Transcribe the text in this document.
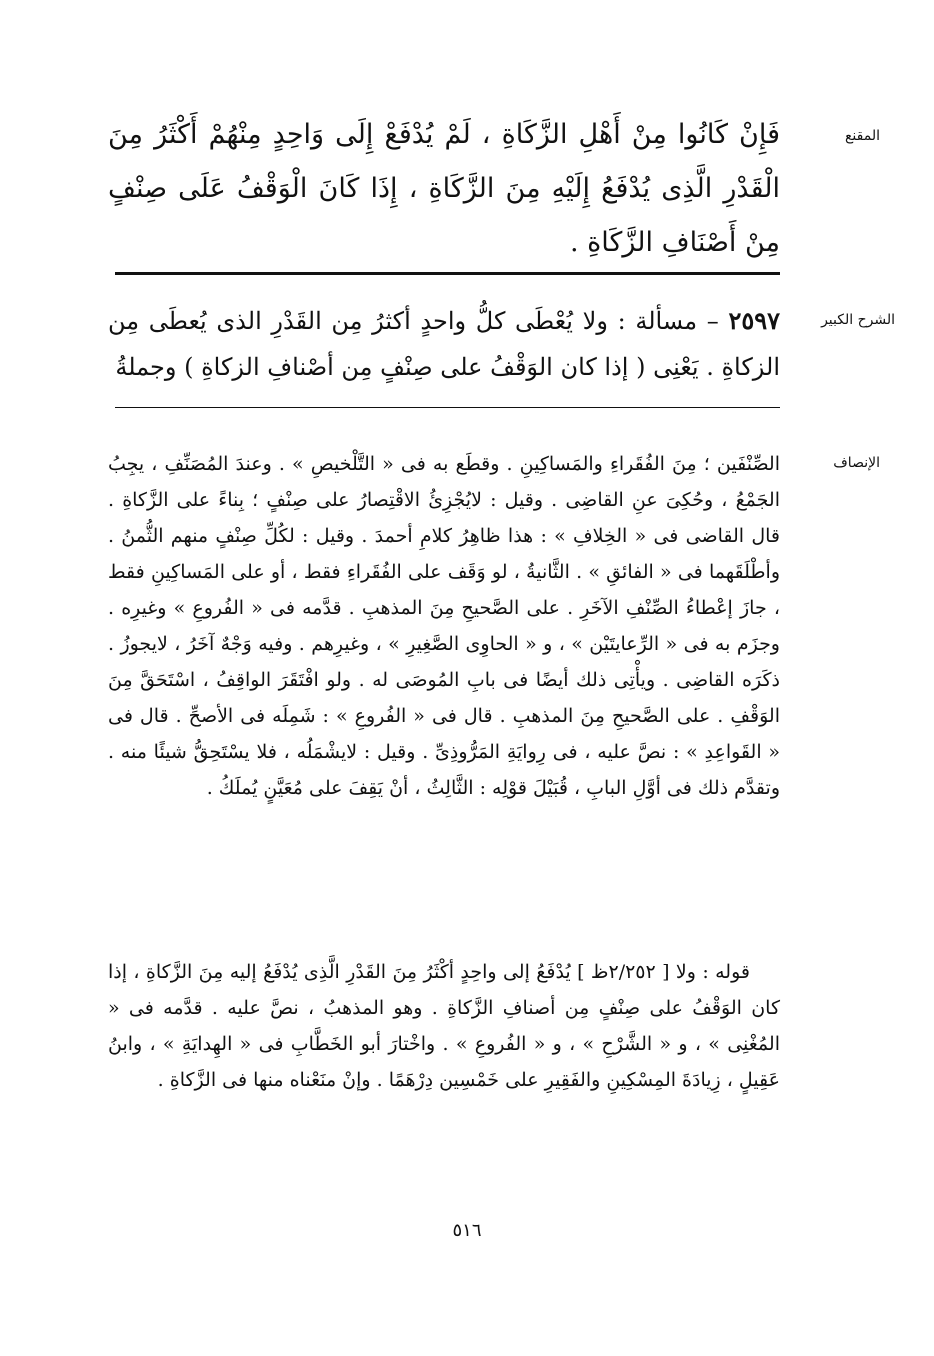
المقنع

فَإِنْ كَانُوا مِنْ أَهْلِ الزَّكَاةِ ، لَمْ يُدْفَعْ إِلَى وَاحِدٍ مِنْهُمْ أَكْثَرُ مِنَ الْقَدْرِ الَّذِى يُدْفَعُ إِلَيْهِ مِنَ الزَّكَاةِ ، إِذَا كَانَ الْوَقْفُ عَلَى صِنْفٍ مِنْ أَصْنَافِ الزَّكَاةِ .

الشرح الكبير

٢٥٩٧ – مسألة : ولا يُعْطَى كلُّ واحدٍ أكثرُ مِن القَدْرِ الذى يُعطَى مِن الزكاةِ . يَعْنِى ( إذا كان الوَقْفُ على صِنْفٍ مِن أصْنافِ الزكاةِ ) وجملةُ

الإنصاف

الصِّنْفَين ؛ مِنَ الفُقَراءِ والمَساكِينِ . وقطَع به فى « التَّلْخيصِ » . وعندَ المُصَنِّفِ ، يجِبُ الجَمْعُ ، وحُكِىَ عنِ القاضِى . وقيل : لايُجْزِئُ الاقْتِصارُ على صِنْفٍ ؛ بِناءً على الزَّكاةِ . قال القاضى فى « الخِلافِ » : هذا ظاهِرُ كلامِ أحمدَ . وقيل : لكُلِّ صِنْفٍ منهم الثُّمنُ . وأطْلَقَهما فى « الفائقِ » . الثَّانيةُ ، لو وَقَف على الفُقَراءِ فقط ، أو على المَساكِينِ فقط ، جازَ إعْطاءُ الصِّنْفِ الآخَرِ . على الصَّحيحِ مِنَ المذهبِ . قدَّمه فى « الفُروعِ » وغيرِه . وجزَم به فى « الرِّعايتَيْن » ، و « الحاوِى الصَّغِيرِ » ، وغيرِهم . وفيه وَجْهٌ آخَرُ ، لايجوزُ . ذكَرَه القاضِى . ويأْتِى ذلك أيضًا فى بابِ المُوصَى له . ولو افْتَقَرَ الواقِفُ ، اسْتَحَقَّ مِنَ الوَقْفِ . على الصَّحيحِ مِنَ المذهبِ . قال فى « الفُروعِ » : شَمِلَه فى الأصحِّ . قال فى « القَواعِدِ » : نصَّ عليه ، فى رِوايَةِ المَرُّوذِىِّ . وقيل : لايشْمَلُه ، فلا يسْتَحِقُّ شيئًا منه . وتقدَّم ذلك فى أوَّلِ البابِ ، قُبَيْلَ قوْلِه : الثَّالِثُ ، أنْ يَقِفَ على مُعَيَّنٍ يُملَكُ .

قوله : ولا [ ٢/٢٥٢ظ ] يُدْفَعُ إلى واحِدٍ أكْثَرُ مِنَ القَدْرِ الَّذِى يُدْفَعُ إليه مِنَ الزَّكاةِ ، إذا كان الوَقْفُ على صِنْفٍ مِن أصنافِ الزَّكاةِ . وهو المذهبُ ، نصَّ عليه . قدَّمه فى « المُغْنِى » ، و « الشَّرْحِ » ، و « الفُروعِ » . واخْتارَ أبو الخَطَّابِ فى « الهِدايَةِ » ، وابنُ عَقِيلٍ ، زِيادَةَ المِسْكِينِ والفَقِيرِ على خَمْسِين دِرْهَمًا . وإنْ منَعْناه منها فى الزَّكاةِ .

٥١٦
